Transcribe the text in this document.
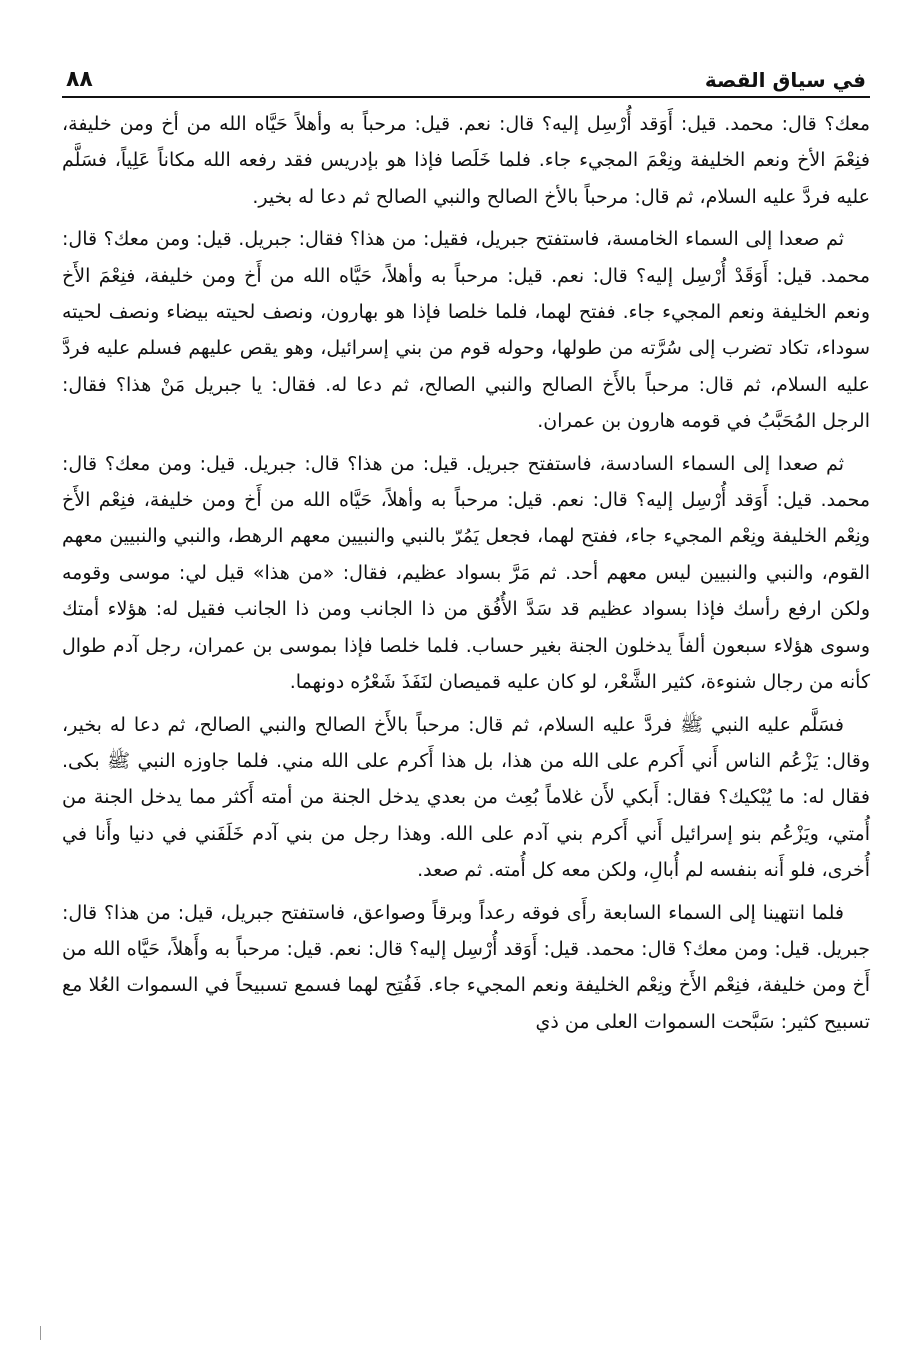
في سياق القصة
٨٨

معك؟ قال: محمد. قيل: أَوَقد أُرْسِل إليه؟ قال: نعم. قيل: مرحباً به وأهلاً حَيَّاه الله من أخ ومن خليفة، فنِعْمَ الأخ ونعم الخليفة ونِعْمَ المجيء جاء. فلما خَلَصا فإذا هو بإدريس فقد رفعه الله مكاناً عَلِياً، فسَلَّم عليه فردَّ عليه السلام، ثم قال: مرحباً بالأخ الصالح والنبي الصالح ثم دعا له بخير.

ثم صعدا إلى السماء الخامسة، فاستفتح جبريل، فقيل: من هذا؟ فقال: جبريل. قيل: ومن معك؟ قال: محمد. قيل: أَوَقَدْ أُرْسِل إليه؟ قال: نعم. قيل: مرحباً به وأهلاً، حَيَّاه الله من أَخ ومن خليفة، فنِعْمَ الأَخ ونعم الخليفة ونعم المجيء جاء. ففتح لهما، فلما خلصا فإذا هو بهارون، ونصف لحيته بيضاء ونصف لحيته سوداء، تكاد تضرب إلى سُرَّته من طولها، وحوله قوم من بني إسرائيل، وهو يقص عليهم فسلم عليه فردَّ عليه السلام، ثم قال: مرحباً بالأَخ الصالح والنبي الصالح، ثم دعا له. فقال: يا جبريل مَنْ هذا؟ فقال: الرجل المُحَبَّبُ في قومه هارون بن عمران.

ثم صعدا إلى السماء السادسة، فاستفتح جبريل. قيل: من هذا؟ قال: جبريل. قيل: ومن معك؟ قال: محمد. قيل: أَوَقد أُرْسِل إليه؟ قال: نعم. قيل: مرحباً به وأهلاً، حَيَّاه الله من أَخ ومن خليفة، فنِعْم الأَخ ونِعْم الخليفة ونِعْم المجيء جاء، ففتح لهما، فجعل يَمُرّ بالنبي والنبيين معهم الرهط، والنبي والنبيين معهم القوم، والنبي والنبيين ليس معهم أحد. ثم مَرَّ بسواد عظيم، فقال: «من هذا» قيل لي: موسى وقومه ولكن ارفع رأسك فإذا بسواد عظيم قد سَدَّ الأُفُق من ذا الجانب ومن ذا الجانب فقيل له: هؤلاء أمتك وسوى هؤلاء سبعون ألفاً يدخلون الجنة بغير حساب. فلما خلصا فإذا بموسى بن عمران، رجل آدم طوال كأنه من رجال شنوءة، كثير الشَّعْر، لو كان عليه قميصان لنَفَذَ شَعْرُه دونهما.

فسَلَّم عليه النبي ﷺ فردَّ عليه السلام، ثم قال: مرحباً بالأَخ الصالح والنبي الصالح، ثم دعا له بخير، وقال: يَزْعُم الناس أَني أَكرم على الله من هذا، بل هذا أَكرم على الله مني. فلما جاوزه النبي ﷺ بكى. فقال له: ما يُبْكيك؟ فقال: أَبكي لأَن غلاماً بُعِث من بعدي يدخل الجنة من أمته أَكثر مما يدخل الجنة من أُمتي، ويَزْعُم بنو إسرائيل أَني أَكرم بني آدم على الله. وهذا رجل من بني آدم خَلَفَني في دنيا وأَنا في أُخرى، فلو أَنه بنفسه لم أُبالِ، ولكن معه كل أُمته. ثم صعد.

فلما انتهينا إلى السماء السابعة رأَى فوقه رعداً وبرقاً وصواعق، فاستفتح جبريل، قيل: من هذا؟ قال: جبريل. قيل: ومن معك؟ قال: محمد. قيل: أَوَقد أُرْسِل إليه؟ قال: نعم. قيل: مرحباً به وأَهلاً، حَيَّاه الله من أَخ ومن خليفة، فنِعْم الأَخ ونِعْم الخليفة ونعم المجيء جاء. فَفُتِح لهما فسمع تسبيحاً في السموات العُلا مع تسبيح كثير: سَبَّحت السموات العلى من ذي
